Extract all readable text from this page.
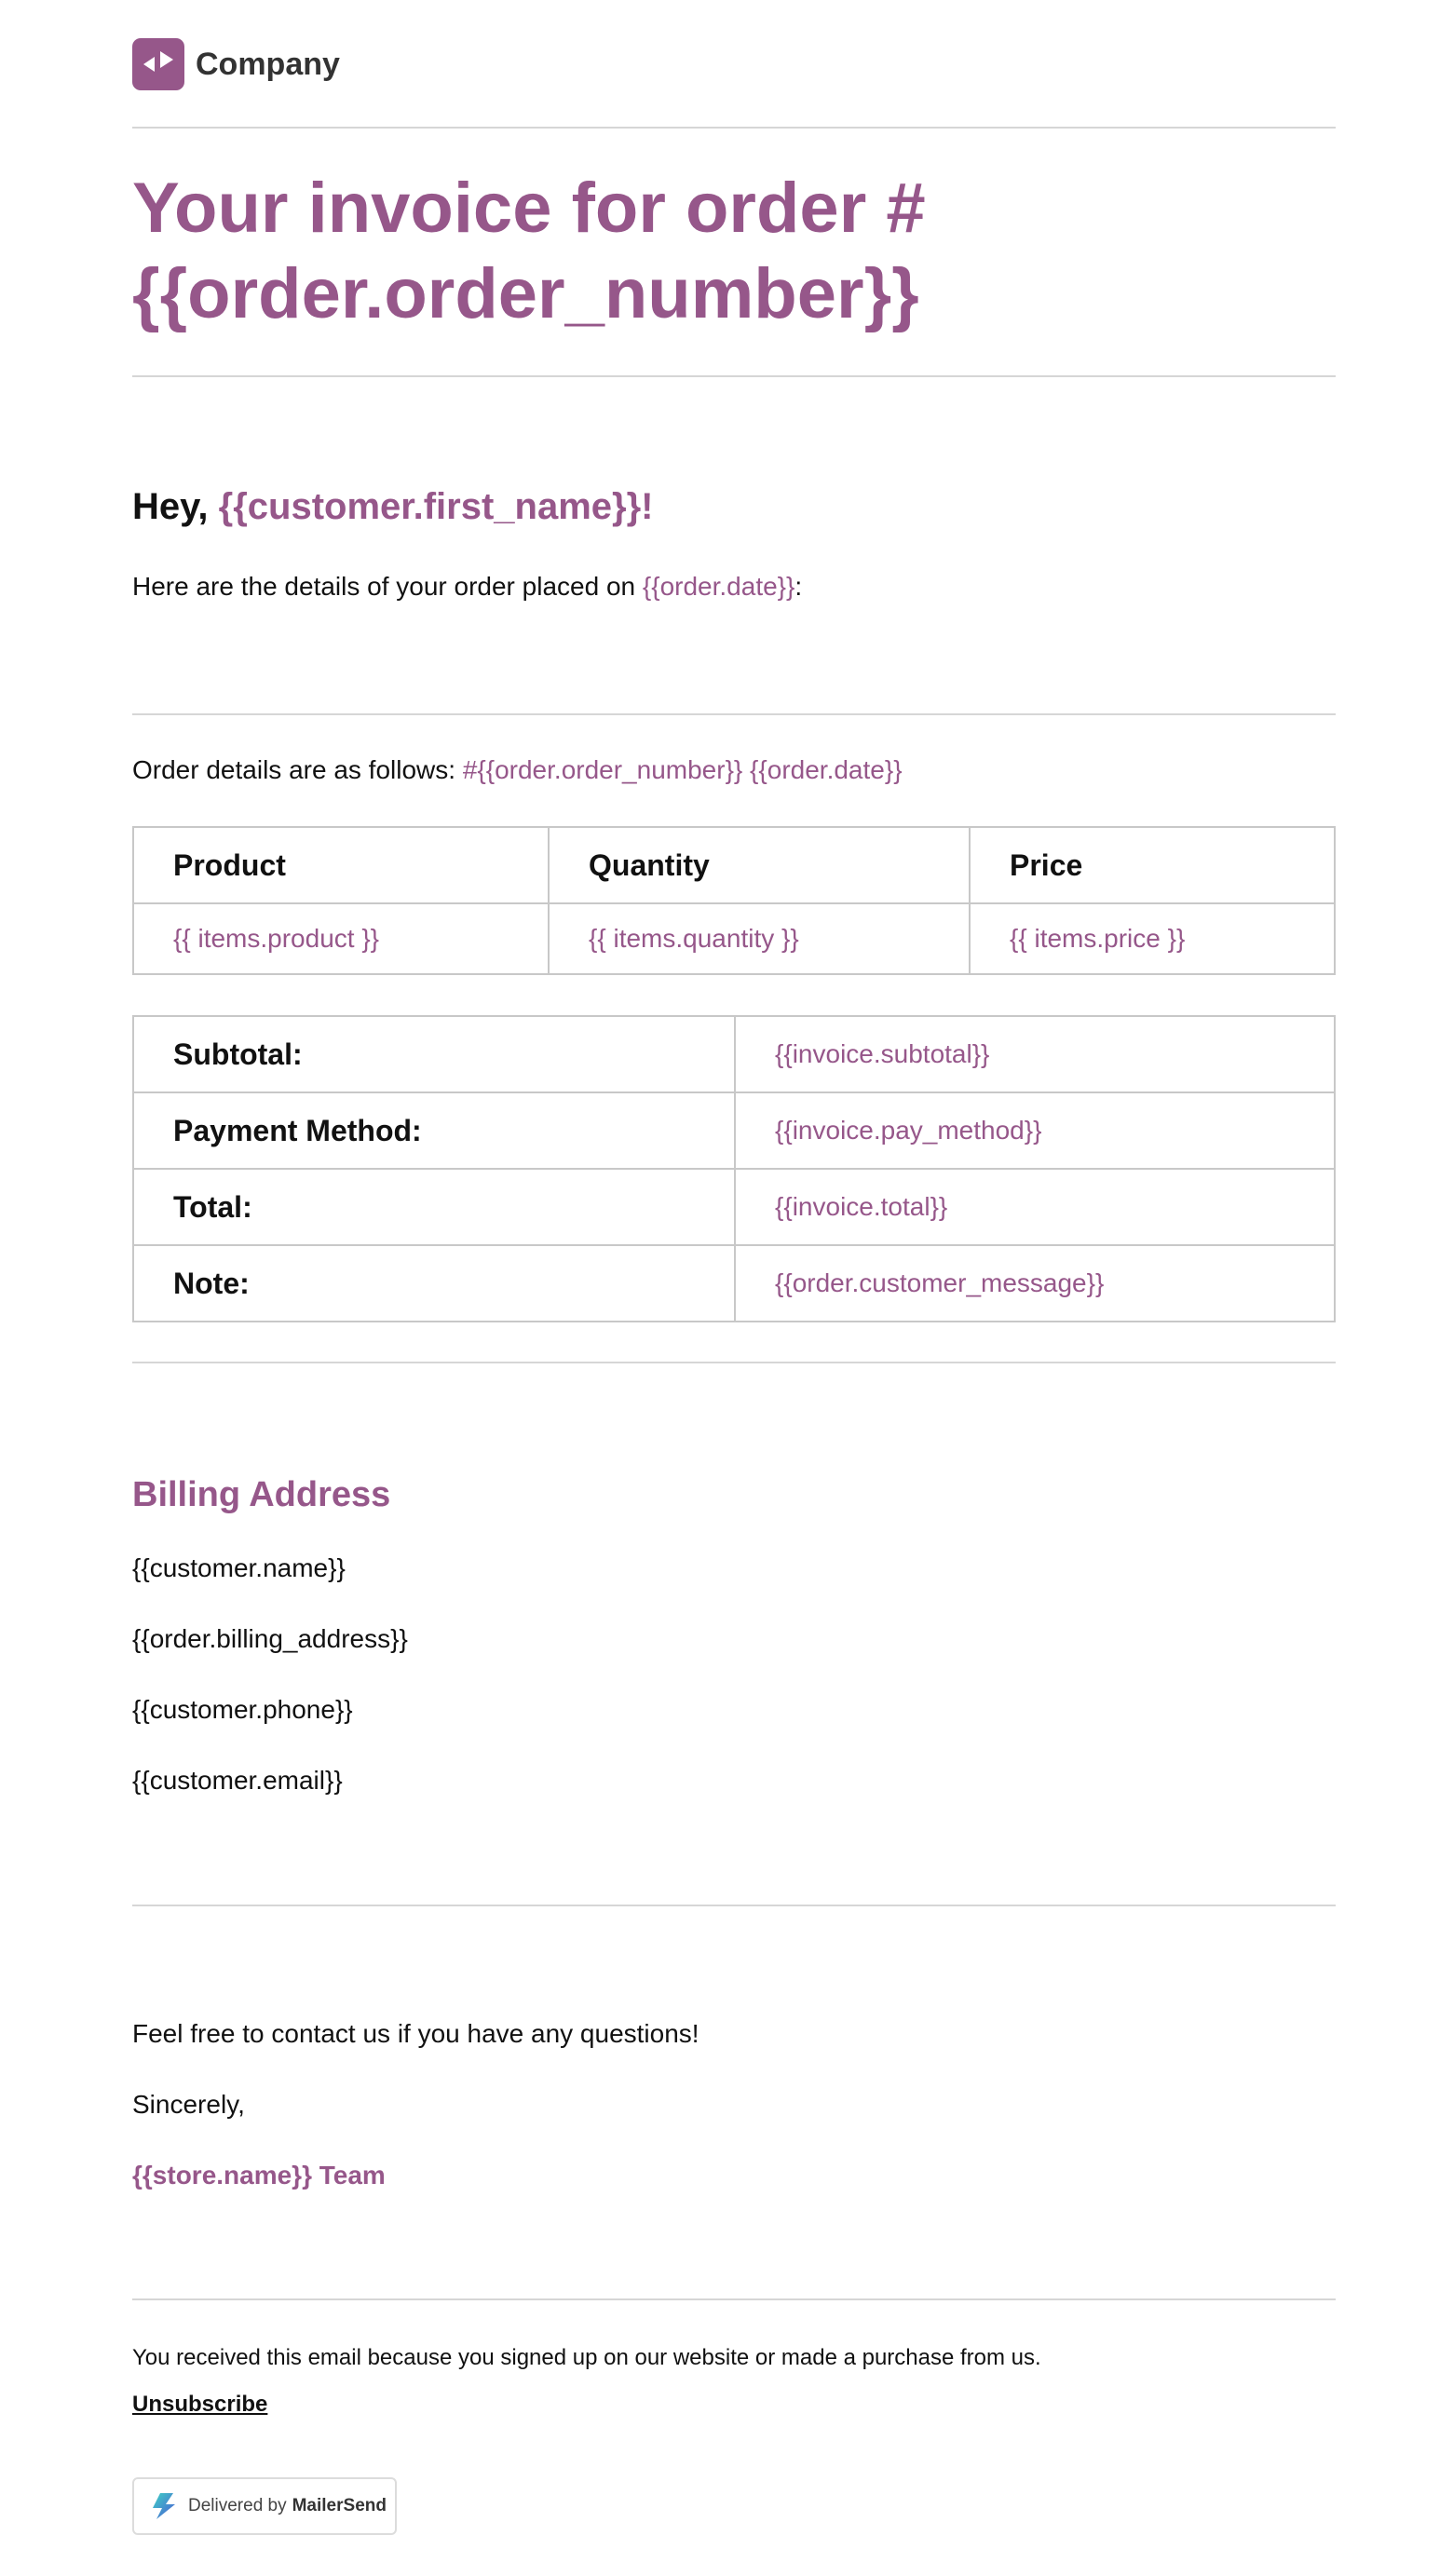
Company
Your invoice for order #
{{order.order_number}}

Hey, {{customer.first_name}}!

Here are the details of your order placed on {{order.date}}:

Order details are as follows: #{{order.order_number}} {{order.date}}

Product	Quantity	Price
{{ items.product }}	{{ items.quantity }}	{{ items.price }}
Subtotal:	{{invoice.subtotal}}
Payment Method:	{{invoice.pay_method}}
Total:	{{invoice.total}}
Note:	{{order.customer_message}}
Billing Address

{{customer.name}}

{{order.billing_address}}

{{customer.phone}}

{{customer.email}}

Feel free to contact us if you have any questions!

Sincerely,

{{store.name}} Team

You received this email because you signed up on our website or made a purchase from us.

Unsubscribe
Delivered by MailerSend
